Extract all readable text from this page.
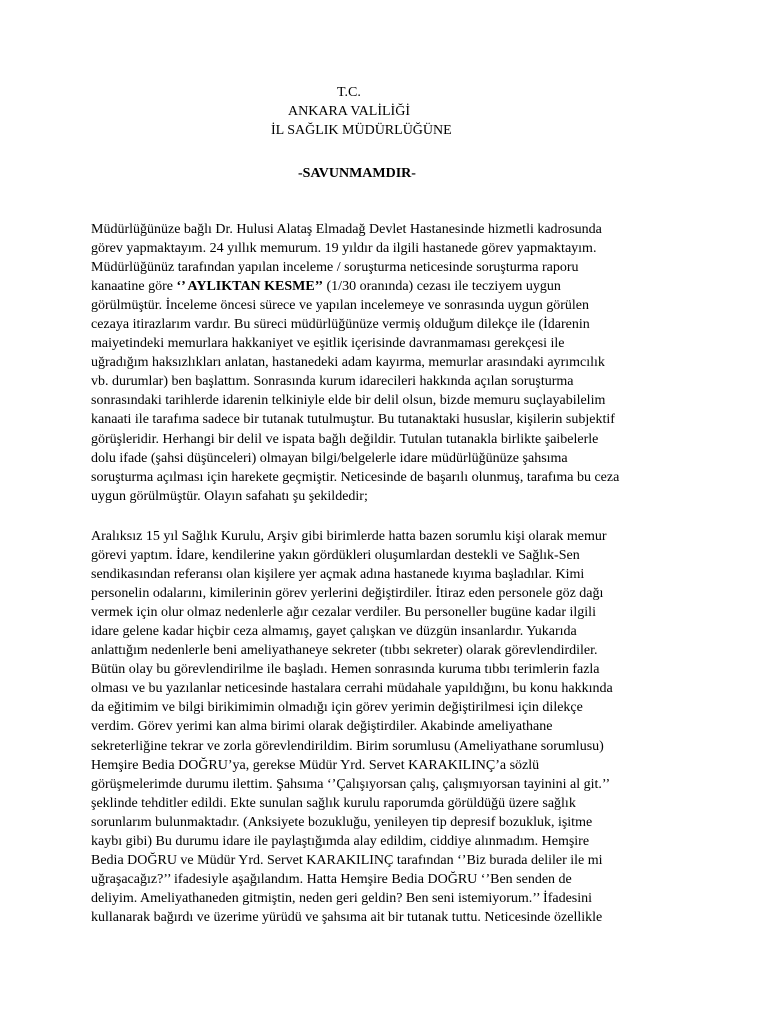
T.C.
ANKARA VALİLİĞİ
İL SAĞLIK MÜDÜRLÜĞÜNE
-SAVUNMAMDIR-
Müdürlüğünüze bağlı Dr. Hulusi Alataş Elmadağ Devlet Hastanesinde hizmetli kadrosunda
görev yapmaktayım. 24 yıllık memurum. 19 yıldır da ilgili hastanede görev yapmaktayım.
Müdürlüğünüz tarafından yapılan inceleme / soruşturma neticesinde soruşturma raporu
kanaatine göre ‘’ AYLIKTAN KESME’’ (1/30 oranında) cezası ile tecziyem uygun
görülmüştür. İnceleme öncesi sürece ve yapılan incelemeye ve sonrasında uygun görülen
cezaya itirazlarım vardır. Bu süreci müdürlüğünüze vermiş olduğum dilekçe ile (İdarenin
maiyetindeki memurlara hakkaniyet ve eşitlik içerisinde davranmaması gerekçesi ile
uğradığım haksızlıkları anlatan, hastanedeki adam kayırma, memurlar arasındaki ayrımcılık
vb. durumlar) ben başlattım. Sonrasında kurum idarecileri hakkında açılan soruşturma
sonrasındaki tarihlerde idarenin telkiniyle elde bir delil olsun, bizde memuru suçlayabilelim
kanaati ile tarafıma sadece bir tutanak tutulmuştur. Bu tutanaktaki hususlar, kişilerin subjektif
görüşleridir. Herhangi bir delil ve ispata bağlı değildir. Tutulan tutanakla birlikte şaibelerle
dolu ifade (şahsi düşünceleri) olmayan bilgi/belgelerle idare müdürlüğünüze şahsıma
soruşturma açılması için harekete geçmiştir. Neticesinde de başarılı olunmuş, tarafıma bu ceza
uygun görülmüştür. Olayın safahatı şu şekildedir;
Aralıksız 15 yıl Sağlık Kurulu, Arşiv gibi birimlerde hatta bazen sorumlu kişi olarak memur
görevi yaptım. İdare, kendilerine yakın gördükleri oluşumlardan destekli ve Sağlık-Sen
sendikasından referansı olan kişilere yer açmak adına hastanede kıyıma başladılar. Kimi
personelin odalarını, kimilerinin görev yerlerini değiştirdiler. İtiraz eden personele göz dağı
vermek için olur olmaz nedenlerle ağır cezalar verdiler. Bu personeller bugüne kadar ilgili
idare gelene kadar hiçbir ceza almamış, gayet çalışkan ve düzgün insanlardır. Yukarıda
anlattığım nedenlerle beni ameliyathaneye sekreter (tıbbı sekreter) olarak görevlendirdiler.
Bütün olay bu görevlendirilme ile başladı. Hemen sonrasında kuruma tıbbı terimlerin fazla
olması ve bu yazılanlar neticesinde hastalara cerrahi müdahale yapıldığını, bu konu hakkında
da eğitimim ve bilgi birikimimin olmadığı için görev yerimin değiştirilmesi için dilekçe
verdim. Görev yerimi kan alma birimi olarak değiştirdiler. Akabinde ameliyathane
sekreterliğine tekrar ve zorla görevlendirildim. Birim sorumlusu (Ameliyathane sorumlusu)
Hemşire Bedia DOĞRU’ya, gerekse Müdür Yrd. Servet KARAKILINÇ’a sözlü
görüşmelerimde durumu ilettim. Şahsıma ‘’Çalışıyorsan çalış, çalışmıyorsan tayinini al git.’’
şeklinde tehditler edildi. Ekte sunulan sağlık kurulu raporumda görüldüğü üzere sağlık
sorunlarım bulunmaktadır. (Anksiyete bozukluğu, yenileyen tip depresif bozukluk, işitme
kaybı gibi) Bu durumu idare ile paylaştığımda alay edildim, ciddiye alınmadım. Hemşire
Bedia DOĞRU ve Müdür Yrd. Servet KARAKILINÇ tarafından ‘’Biz burada deliler ile mi
uğraşacağız?’’ ifadesiyle aşağılandım. Hatta Hemşire Bedia DOĞRU ‘’Ben senden de
deliyim. Ameliyathaneden gitmiştin, neden geri geldin? Ben seni istemiyorum.’’ İfadesini
kullanarak bağırdı ve üzerime yürüdü ve şahsıma ait bir tutanak tuttu. Neticesinde özellikle
